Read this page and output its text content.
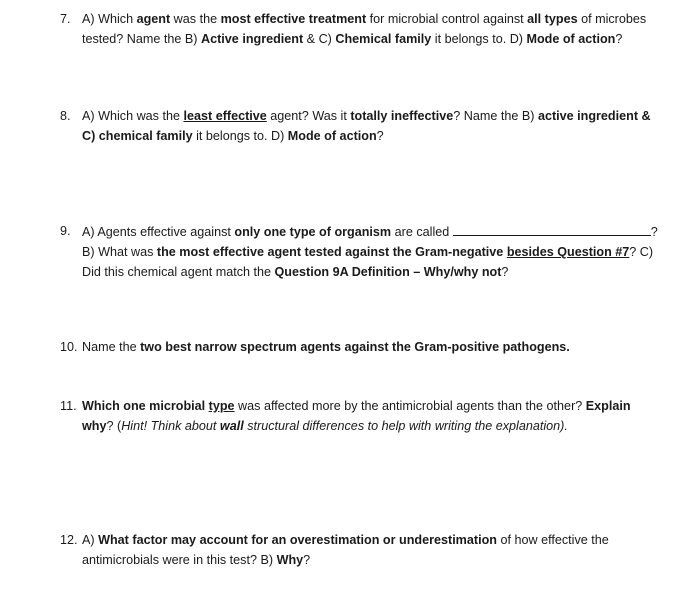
7. A) Which agent was the most effective treatment for microbial control against all types of microbes tested? Name the B) Active ingredient & C) Chemical family it belongs to. D) Mode of action?
8. A) Which was the least effective agent? Was it totally ineffective? Name the B) active ingredient & C) chemical family it belongs to. D) Mode of action?
9. A) Agents effective against only one type of organism are called	?
B) What was the most effective agent tested against the Gram-negative besides Question #7? C) Did this chemical agent match the Question 9A Definition – Why/why not?
10. Name the two best narrow spectrum agents against the Gram-positive pathogens.
11. Which one microbial type was affected more by the antimicrobial agents than the other? Explain why? (Hint! Think about wall structural differences to help with writing the explanation).
12. A) What factor may account for an overestimation or underestimation of how effective the antimicrobials were in this test? B) Why?
